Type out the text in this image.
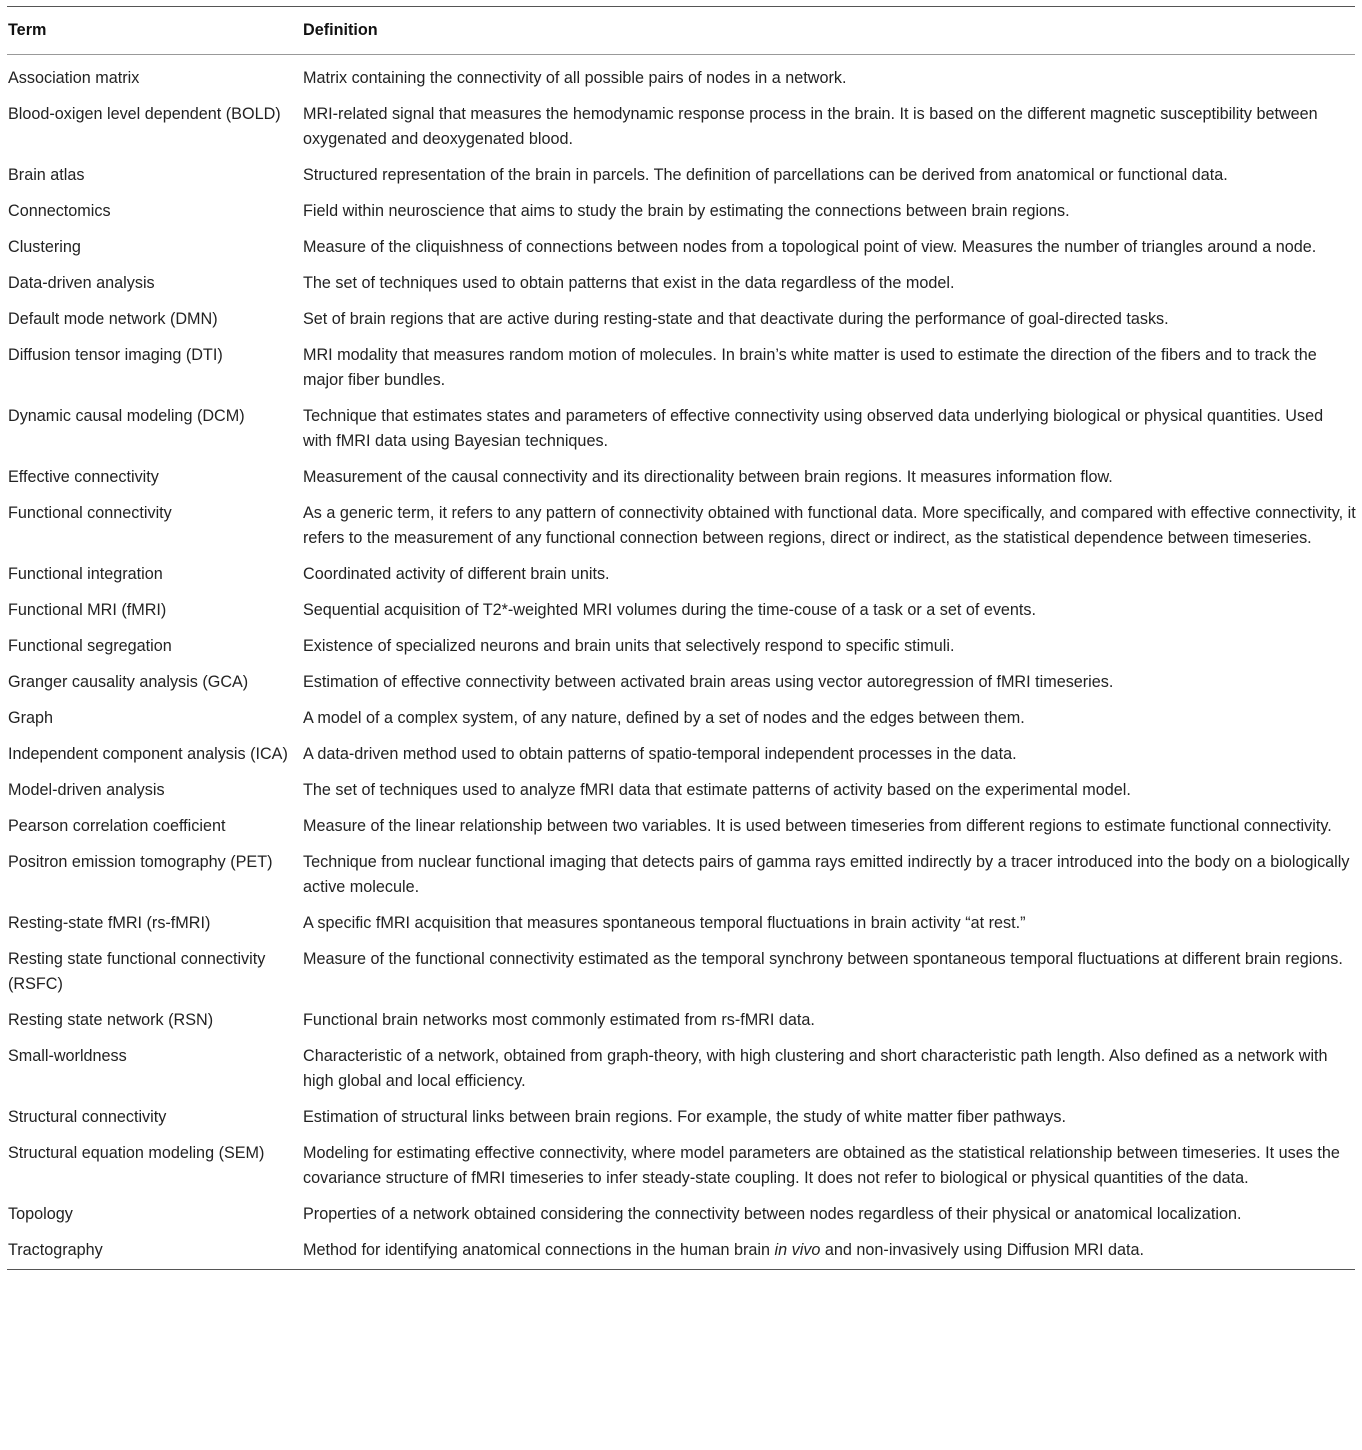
Term	Definition
Association matrix	Matrix containing the connectivity of all possible pairs of nodes in a network.
Blood-oxigen level dependent (BOLD)	MRI-related signal that measures the hemodynamic response process in the brain. It is based on the different magnetic susceptibility between oxygenated and deoxygenated blood.
Brain atlas	Structured representation of the brain in parcels. The definition of parcellations can be derived from anatomical or functional data.
Connectomics	Field within neuroscience that aims to study the brain by estimating the connections between brain regions.
Clustering	Measure of the cliquishness of connections between nodes from a topological point of view. Measures the number of triangles around a node.
Data-driven analysis	The set of techniques used to obtain patterns that exist in the data regardless of the model.
Default mode network (DMN)	Set of brain regions that are active during resting-state and that deactivate during the performance of goal-directed tasks.
Diffusion tensor imaging (DTI)	MRI modality that measures random motion of molecules. In brain’s white matter is used to estimate the direction of the fibers and to track the major fiber bundles.
Dynamic causal modeling (DCM)	Technique that estimates states and parameters of effective connectivity using observed data underlying biological or physical quantities. Used with fMRI data using Bayesian techniques.
Effective connectivity	Measurement of the causal connectivity and its directionality between brain regions. It measures information flow.
Functional connectivity	As a generic term, it refers to any pattern of connectivity obtained with functional data. More specifically, and compared with effective connectivity, it refers to the measurement of any functional connection between regions, direct or indirect, as the statistical dependence between timeseries.
Functional integration	Coordinated activity of different brain units.
Functional MRI (fMRI)	Sequential acquisition of T2*-weighted MRI volumes during the time-couse of a task or a set of events.
Functional segregation	Existence of specialized neurons and brain units that selectively respond to specific stimuli.
Granger causality analysis (GCA)	Estimation of effective connectivity between activated brain areas using vector autoregression of fMRI timeseries.
Graph	A model of a complex system, of any nature, defined by a set of nodes and the edges between them.
Independent component analysis (ICA)	A data-driven method used to obtain patterns of spatio-temporal independent processes in the data.
Model-driven analysis	The set of techniques used to analyze fMRI data that estimate patterns of activity based on the experimental model.
Pearson correlation coefficient	Measure of the linear relationship between two variables. It is used between timeseries from different regions to estimate functional connectivity.
Positron emission tomography (PET)	Technique from nuclear functional imaging that detects pairs of gamma rays emitted indirectly by a tracer introduced into the body on a biologically active molecule.
Resting-state fMRI (rs-fMRI)	A specific fMRI acquisition that measures spontaneous temporal fluctuations in brain activity “at rest.”
Resting state functional connectivity (RSFC)	Measure of the functional connectivity estimated as the temporal synchrony between spontaneous temporal fluctuations at different brain regions.
Resting state network (RSN)	Functional brain networks most commonly estimated from rs-fMRI data.
Small-worldness	Characteristic of a network, obtained from graph-theory, with high clustering and short characteristic path length. Also defined as a network with high global and local efficiency.
Structural connectivity	Estimation of structural links between brain regions. For example, the study of white matter fiber pathways.
Structural equation modeling (SEM)	Modeling for estimating effective connectivity, where model parameters are obtained as the statistical relationship between timeseries. It uses the covariance structure of fMRI timeseries to infer steady-state coupling. It does not refer to biological or physical quantities of the data.
Topology	Properties of a network obtained considering the connectivity between nodes regardless of their physical or anatomical localization.
Tractography	Method for identifying anatomical connections in the human brain in vivo and non-invasively using Diffusion MRI data.
